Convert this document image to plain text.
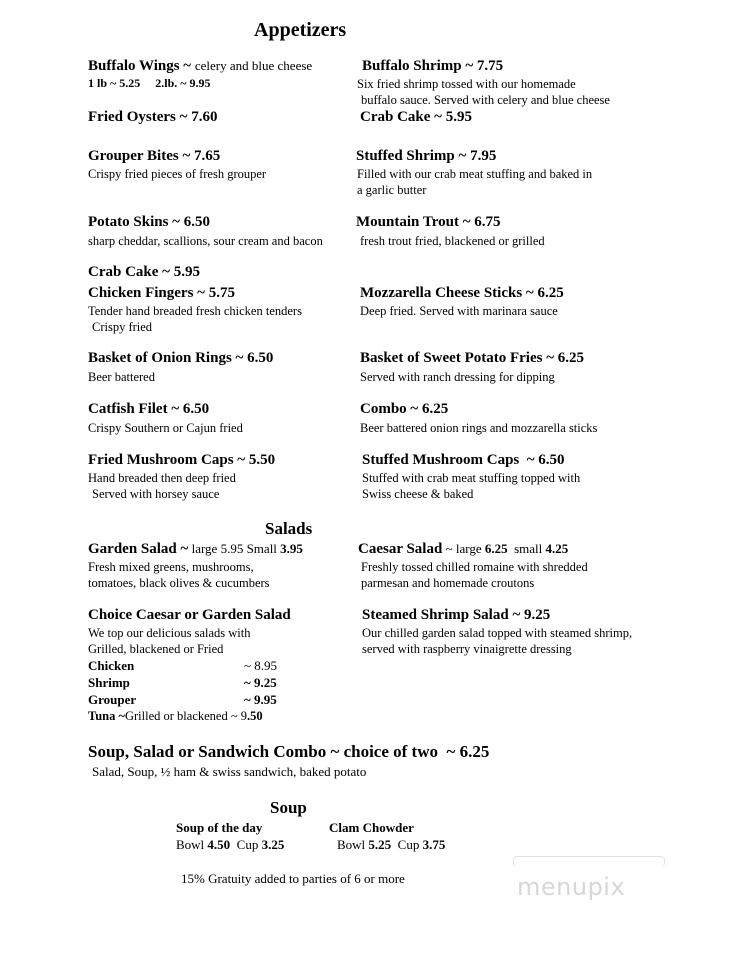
Appetizers
Buffalo Wings ~ celery and blue cheese
1 lb ~ 5.25     2.lb. ~ 9.95
Buffalo Shrimp ~ 7.75
Six fried shrimp tossed with our homemade
buffalo sauce. Served with celery and blue cheese
Fried Oysters ~ 7.60	Crab Cake ~ 5.95
Grouper Bites ~ 7.65
Crispy fried pieces of fresh grouper
Stuffed Shrimp ~ 7.95
Filled with our crab meat stuffing and baked in
a garlic butter
Potato Skins ~ 6.50
sharp cheddar, scallions, sour cream and bacon
Mountain Trout ~ 6.75
fresh trout fried, blackened or grilled
Crab Cake ~ 5.95
Chicken Fingers ~ 5.75
Tender hand breaded fresh chicken tenders
Crispy fried
Mozzarella Cheese Sticks ~ 6.25
Deep fried. Served with marinara sauce
Basket of Onion Rings ~ 6.50
Beer battered
Basket of Sweet Potato Fries ~ 6.25
Served with ranch dressing for dipping
Catfish Filet ~ 6.50
Crispy Southern or Cajun fried
Combo ~ 6.25
Beer battered onion rings and mozzarella sticks
Fried Mushroom Caps ~ 5.50
Hand breaded then deep fried
Served with horsey sauce
Stuffed Mushroom Caps  ~ 6.50
Stuffed with crab meat stuffing topped with
Swiss cheese & baked
Salads
Garden Salad ~ large 5.95 Small 3.95
Fresh mixed greens, mushrooms,
tomatoes, black olives & cucumbers
Caesar Salad ~ large 6.25  small 4.25
Freshly tossed chilled romaine with shredded
parmesan and homemade croutons
Choice Caesar or Garden Salad
We top our delicious salads with
Grilled, blackened or Fried
Chicken	~ 8.95
Shrimp	~ 9.25
Grouper	~ 9.95
Tuna ~Grilled or blackened ~ 9.50
Steamed Shrimp Salad ~ 9.25
Our chilled garden salad topped with steamed shrimp,
served with raspberry vinaigrette dressing
Soup, Salad or Sandwich Combo ~ choice of two  ~ 6.25
Salad, Soup, ½ ham & swiss sandwich, baked potato
Soup
Soup of the day
Bowl 4.50  Cup 3.25
Clam Chowder
Bowl 5.25  Cup 3.75
15% Gratuity added to parties of 6 or more	menupix
